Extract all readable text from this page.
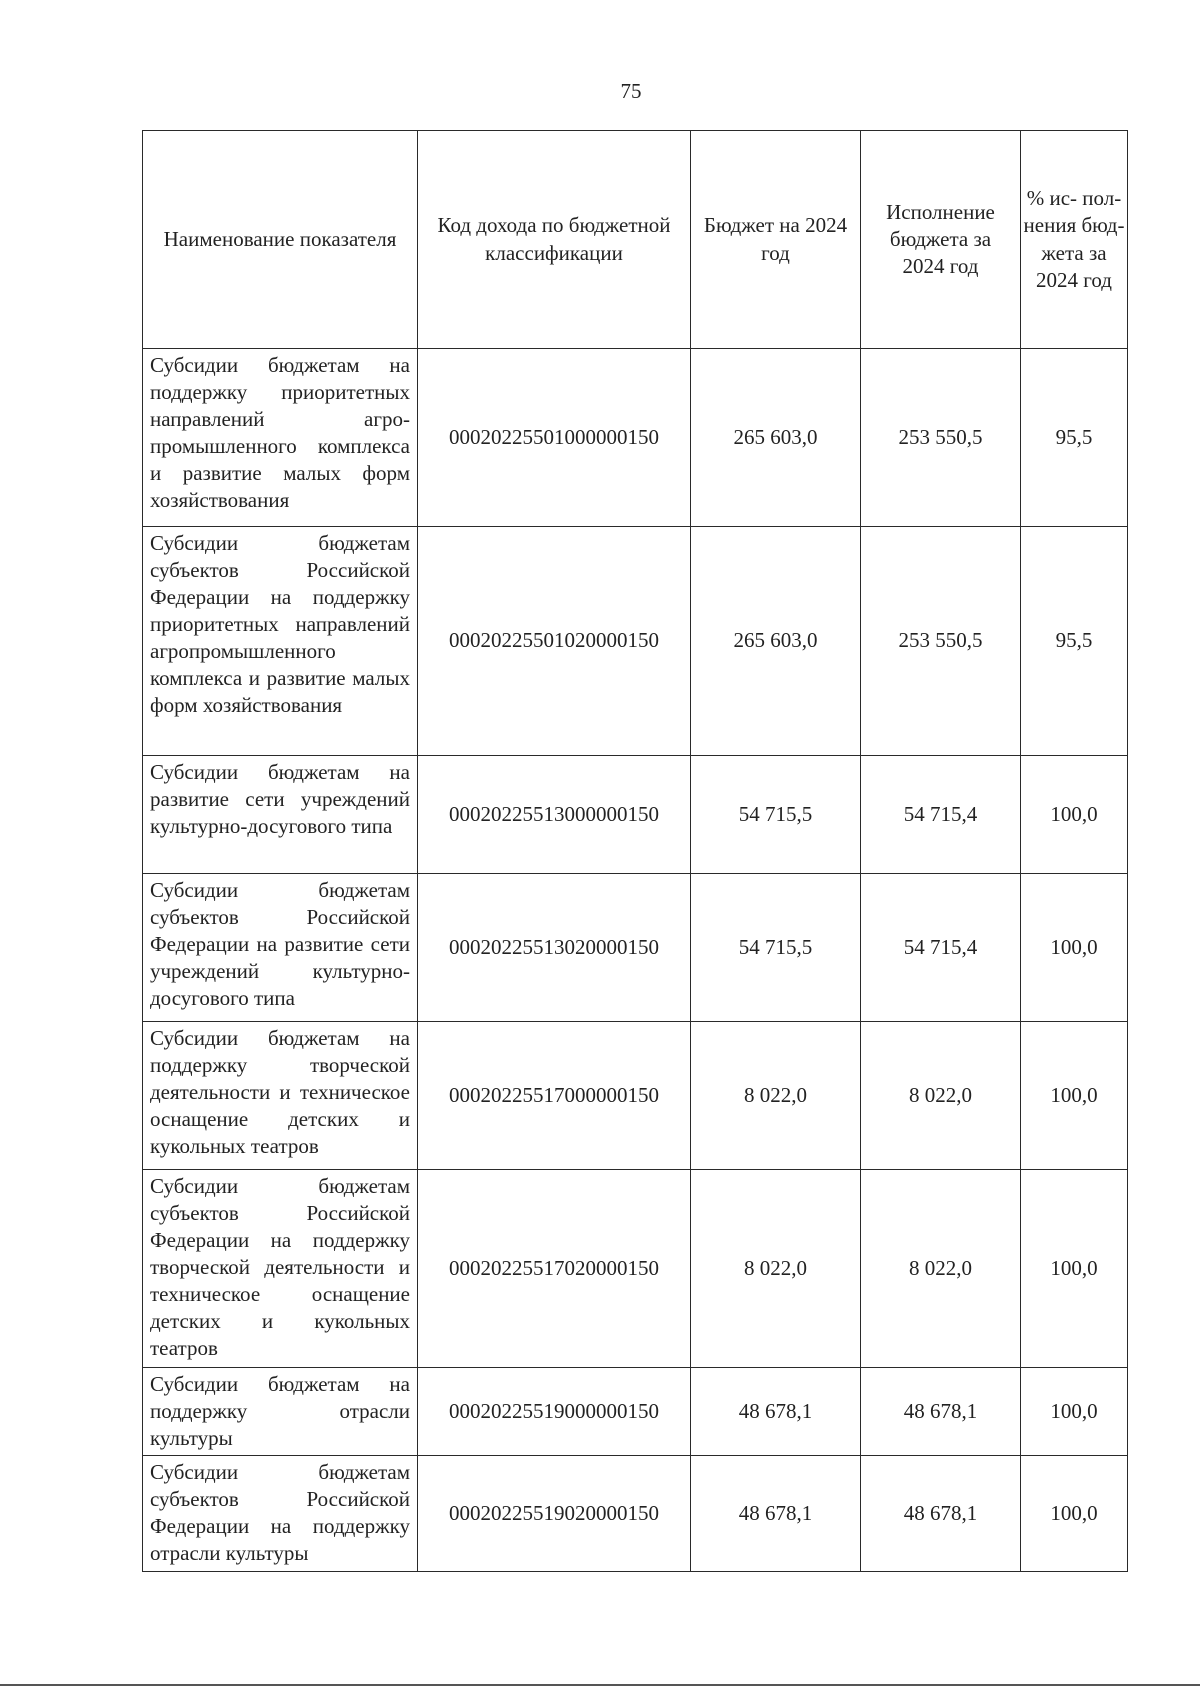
75
Наименование показателя	Код дохода по бюджетной классификации	Бюджет на 2024 год	Исполнение бюджета за 2024 год	% ис- пол- нения бюд- жета за 2024 год
Субсидии бюджетам на поддержку приоритетных направлений агропромышленного комплекса и развитие малых форм хозяйствования	00020225501000000150	265 603,0	253 550,5	95,5
Субсидии бюджетам субъектов Российской Федерации на поддержку приоритетных направлений агропромышленного комплекса и развитие малых форм хозяйствования	00020225501020000150	265 603,0	253 550,5	95,5
Субсидии бюджетам на развитие сети учреждений культурно-досугового типа	00020225513000000150	54 715,5	54 715,4	100,0
Субсидии бюджетам субъектов Российской Федерации на развитие сети учреждений культурно-досугового типа	00020225513020000150	54 715,5	54 715,4	100,0
Субсидии бюджетам на поддержку творческой деятельности и техническое оснащение детских и кукольных театров	00020225517000000150	8 022,0	8 022,0	100,0
Субсидии бюджетам субъектов Российской Федерации на поддержку творческой деятельности и техническое оснащение детских и кукольных театров	00020225517020000150	8 022,0	8 022,0	100,0
Субсидии бюджетам на поддержку отрасли культуры	00020225519000000150	48 678,1	48 678,1	100,0
Субсидии бюджетам субъектов Российской Федерации на поддержку отрасли культуры	00020225519020000150	48 678,1	48 678,1	100,0
